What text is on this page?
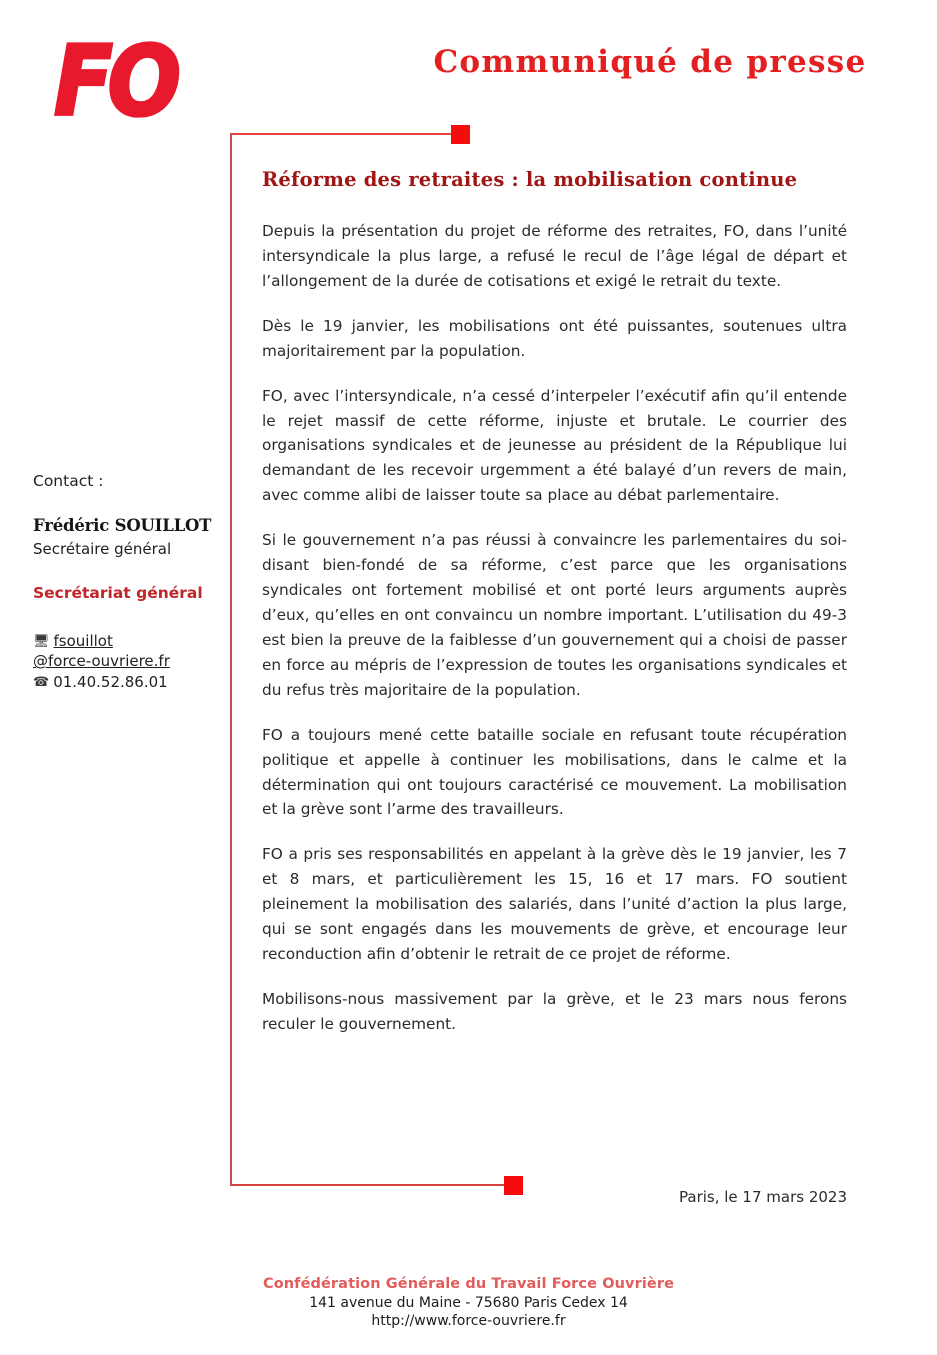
FO	Communiqué de presse
Contact :
Frédéric SOUILLOT
Secrétaire général
Secrétariat général
🖥 fsouillot
@force-ouvriere.fr
☎ 01.40.52.86.01
Réforme des retraites : la mobilisation continue

Depuis la présentation du projet de réforme des retraites, FO, dans l’unité intersyndicale la plus large, a refusé le recul de l’âge légal de départ et l’allongement de la durée de cotisations et exigé le retrait du texte.

Dès le 19 janvier, les mobilisations ont été puissantes, soutenues ultra majoritairement par la population.

FO, avec l’intersyndicale, n’a cessé d’interpeler l’exécutif afin qu’il entende le rejet massif de cette réforme, injuste et brutale. Le courrier des organisations syndicales et de jeunesse au président de la République lui demandant de les recevoir urgemment a été balayé d’un revers de main, avec comme alibi de laisser toute sa place au débat parlementaire.

Si le gouvernement n’a pas réussi à convaincre les parlementaires du soi-disant bien-fondé de sa réforme, c’est parce que les organisations syndicales ont fortement mobilisé et ont porté leurs arguments auprès d’eux, qu’elles en ont convaincu un nombre important. L’utilisation du 49-3 est bien la preuve de la faiblesse d’un gouvernement qui a choisi de passer en force au mépris de l’expression de toutes les organisations syndicales et du refus très majoritaire de la population.

FO a toujours mené cette bataille sociale en refusant toute récupération politique et appelle à continuer les mobilisations, dans le calme et la détermination qui ont toujours caractérisé ce mouvement. La mobilisation et la grève sont l’arme des travailleurs.

FO a pris ses responsabilités en appelant à la grève dès le 19 janvier, les 7 et 8 mars, et particulièrement les 15, 16 et 17 mars. FO soutient pleinement la mobilisation des salariés, dans l’unité d’action la plus large, qui se sont engagés dans les mouvements de grève, et encourage leur reconduction afin d’obtenir le retrait de ce projet de réforme.

Mobilisons-nous massivement par la grève, et le 23 mars nous ferons reculer le gouvernement.

Paris, le 17 mars 2023
Confédération Générale du Travail Force Ouvrière
141 avenue du Maine - 75680 Paris Cedex 14
http://www.force-ouvriere.fr
